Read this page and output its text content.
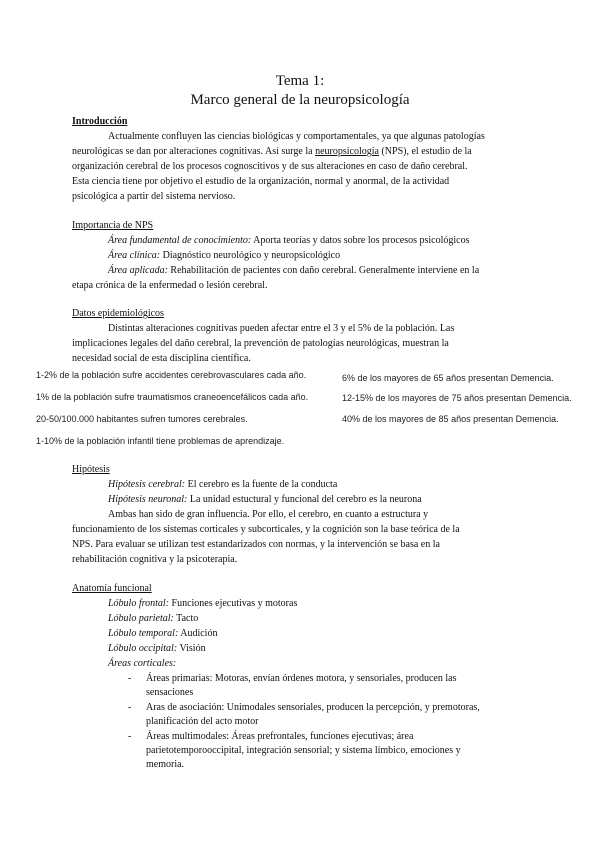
Tema 1:
Marco general de la neuropsicología
Introducción
Actualmente confluyen las ciencias biológicas y comportamentales, ya que algunas patologías
neurológicas se dan por alteraciones cognitivas. Así surge la neuropsicología (NPS), el estudio de la
organización cerebral de los procesos cognoscitivos y de sus alteraciones en caso de daño cerebral.
Esta ciencia tiene por objetivo el estudio de la organización, normal y anormal, de la actividad
psicológica a partir del sistema nervioso.
Importancia de NPS
Área fundamental de conocimiento: Aporta teorías y datos sobre los procesos psicológicos
Área clínica: Diagnóstico neurológico y neuropsicológico
Área aplicada: Rehabilitación de pacientes con daño cerebral. Generalmente interviene en la
etapa crónica de la enfermedad o lesión cerebral.
Datos epidemiológicos
Distintas alteraciones cognitivas pueden afectar entre el 3 y el 5% de la población. Las
implicaciones legales del daño cerebral, la prevención de patologías neurológicas, muestran la
necesidad social de esta disciplina científica.
1-2% de la población sufre accidentes cerebrovasculares cada año.
1% de la población sufre traumatismos craneoencefálicos cada año.
20-50/100.000 habitantes sufren tumores cerebrales.
1-10% de la población infantil tiene problemas de aprendizaje.
6% de los mayores de 65 años presentan Demencia.
12-15% de los mayores de 75 años presentan Demencia.
40% de los mayores de 85 años presentan Demencia.
Hipótesis
Hipótesis cerebral: El cerebro es la fuente de la conducta
Hipótesis neuronal: La unidad estuctural y funcional del cerebro es la neurona
Ambas han sido de gran influencia. Por ello, el cerebro, en cuanto a estructura y
funcionamiento de los sistemas corticales y subcorticales, y la cognición son la base teórica de la
NPS. Para evaluar se utilizan test estandarizados con normas, y la intervención se basa en la
rehabilitación cognitiva y la psicoterapia.
Anatomía funcional
Lóbulo frontal: Funciones ejecutivas y motoras
Lóbulo parietal: Tacto
Lóbulo temporal: Audición
Lóbulo occipital: Visión
Áreas corticales:
- Áreas primarias: Motoras, envían órdenes motora, y sensoriales, producen las
sensaciones
- Aras de asociación: Unimodales sensoriales, producen la percepción, y premotoras,
planificación del acto motor
- Áreas multimodales: Áreas prefrontales, funciones ejecutivas; área
parietotemporooccipital, integración sensorial; y sistema límbico, emociones y
memoria.
